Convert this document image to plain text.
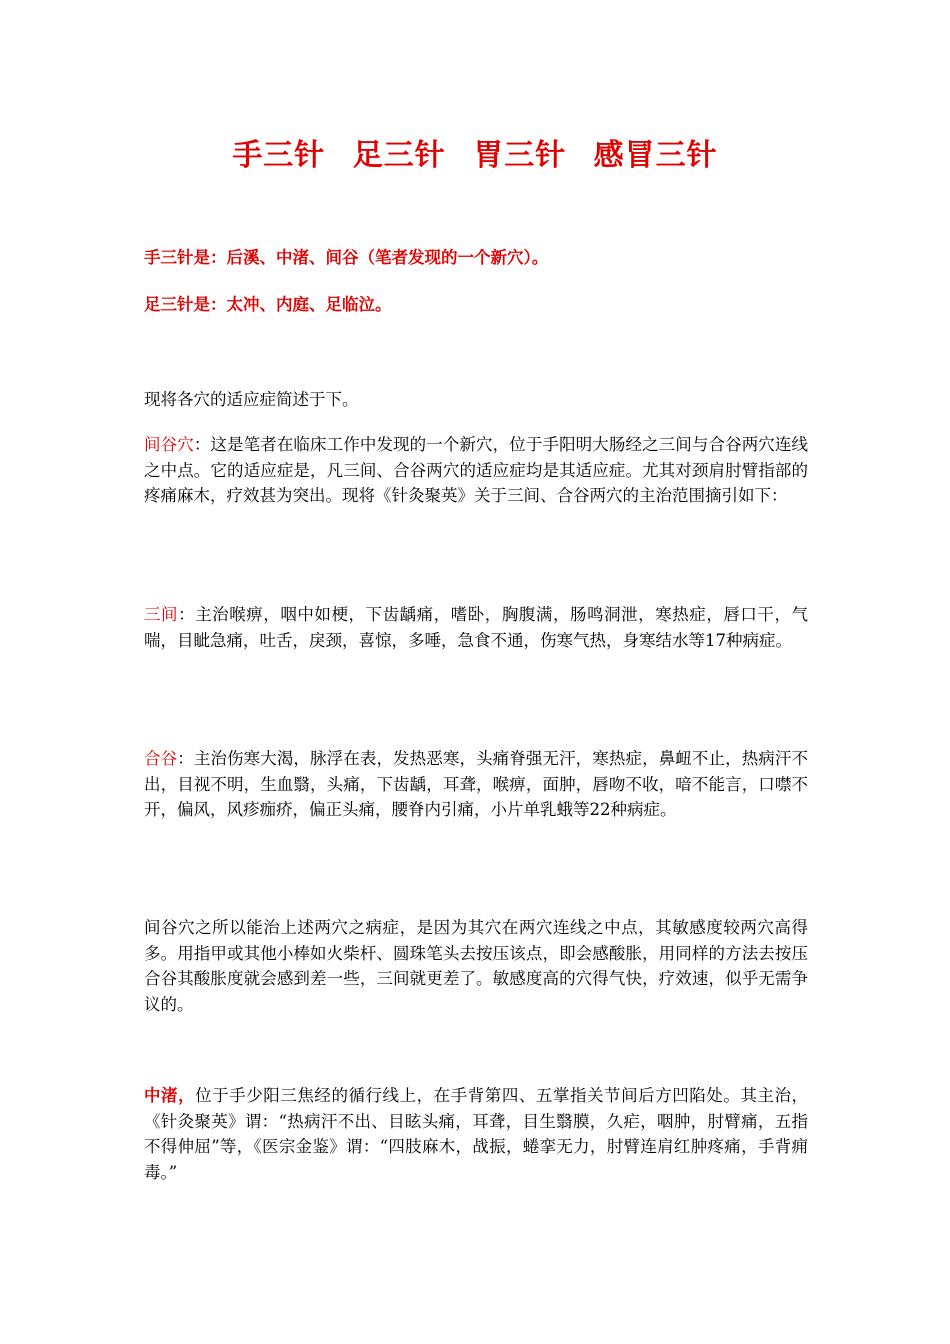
手三针 足三针 胃三针 感冒三针

手三针是：后溪、中渚、间谷（笔者发现的一个新穴）。

足三针是：太冲、内庭、足临泣。

现将各穴的适应症简述于下。

间谷穴：这是笔者在临床工作中发现的一个新穴，位于手阳明大肠经之三间与合谷两穴连线之中点。它的适应症是，凡三间、合谷两穴的适应症均是其适应症。尤其对颈肩肘臂指部的疼痛麻木，疗效甚为突出。现将《针灸聚英》关于三间、合谷两穴的主治范围摘引如下：

三间：主治喉痹，咽中如梗，下齿龋痛，嗜卧，胸腹满，肠鸣洞泄，寒热症，唇口干，气喘，目眦急痛，吐舌，戾颈，喜惊，多唾，急食不通，伤寒气热，身寒结水等17种病症。

合谷：主治伤寒大渴，脉浮在表，发热恶寒，头痛脊强无汗，寒热症，鼻衄不止，热病汗不出，目视不明，生血翳，头痛，下齿龋，耳聋，喉痹，面肿，唇吻不收，喑不能言，口噤不开，偏风，风疹痂疥，偏正头痛，腰脊内引痛，小片单乳蛾等22种病症。

间谷穴之所以能治上述两穴之病症，是因为其穴在两穴连线之中点，其敏感度较两穴高得多。用指甲或其他小棒如火柴杆、圆珠笔头去按压该点，即会感酸胀，用同样的方法去按压合谷其酸胀度就会感到差一些，三间就更差了。敏感度高的穴得气快，疗效速，似乎无需争议的。

中渚，位于手少阳三焦经的循行线上，在手背第四、五掌指关节间后方凹陷处。其主治，《针灸聚英》谓：“热病汗不出、目眩头痛，耳聋，目生翳膜，久疟，咽肿，肘臂痛，五指不得伸屈”等，《医宗金鉴》谓：“四肢麻木，战振，蜷挛无力，肘臂连肩红肿疼痛，手背痈毒。”
